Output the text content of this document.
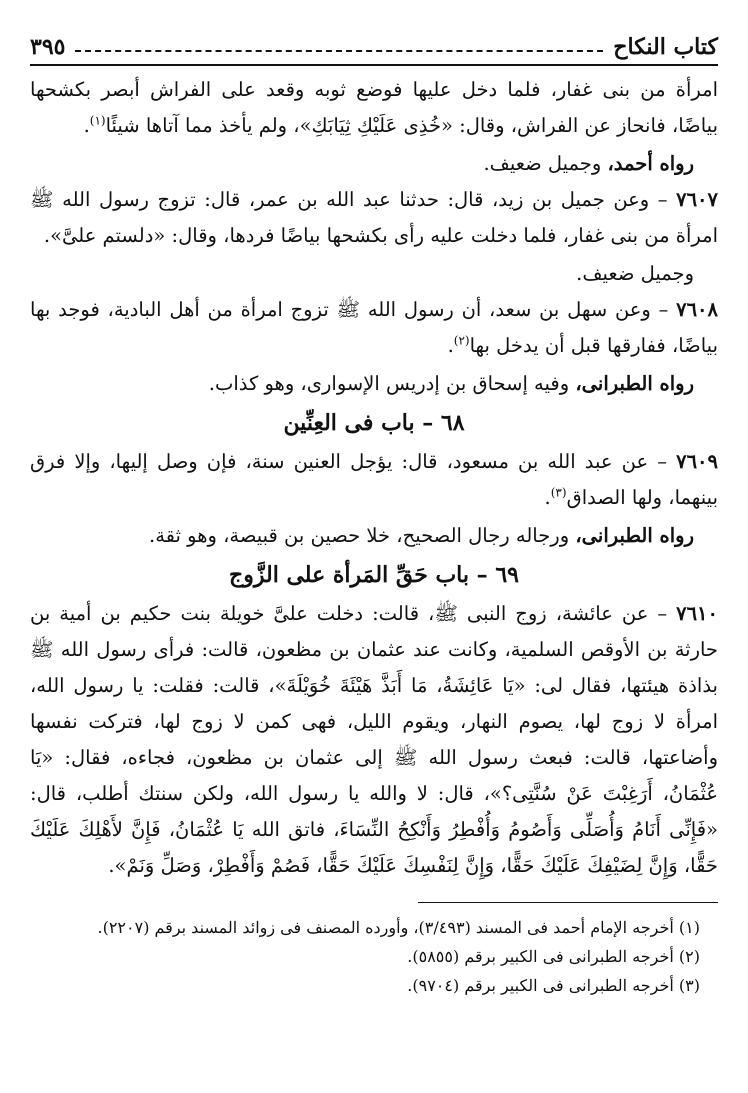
كتاب النكاح
٣٩٥

امرأة من بنى غفار، فلما دخل عليها فوضع ثوبه وقعد على الفراش أبصر بكشحها بياضًا، فانحاز عن الفراش، وقال: «خُذِى عَلَيْكِ ثِيَابَكِ»، ولم يأخذ مما آتاها شيئًا$^{(١)}$.

رواه أحمد، وجميل ضعيف.

٧٦٠٧ – وعن جميل بن زيد، قال: حدثنا عبد الله بن عمر، قال: تزوج رسول الله ﷺ امرأة من بنى غفار، فلما دخلت عليه رأى بكشحها بياضًا فردها، وقال: «دلستم علىَّ».

وجميل ضعيف.

٧٦٠٨ – وعن سهل بن سعد، أن رسول الله ﷺ تزوج امرأة من أهل البادية، فوجد بها بياضًا، ففارقها قبل أن يدخل بها$^{(٢)}$.

رواه الطبرانى، وفيه إسحاق بن إدريس الإسوارى، وهو كذاب.

٦٨ – باب فى العِنِّين

٧٦٠٩ – عن عبد الله بن مسعود، قال: يؤجل العنين سنة، فإن وصل إليها، وإلا فرق بينهما، ولها الصداق$^{(٣)}$.

رواه الطبرانى، ورجاله رجال الصحيح، خلا حصين بن قبيصة، وهو ثقة.

٦٩ – باب حَقِّ المَرأة على الزَّوج

٧٦١٠ – عن عائشة، زوج النبى ﷺ، قالت: دخلت علىَّ خويلة بنت حكيم بن أمية بن حارثة بن الأوقص السلمية، وكانت عند عثمان بن مظعون، قالت: فرأى رسول الله ﷺ بذاذة هيئتها، فقال لى: «يَا عَائِشَةُ، مَا أَبَذَّ هَيْئَةَ خُوَيْلَةَ»، قالت: فقلت: يا رسول الله، امرأة لا زوج لها، يصوم النهار، ويقوم الليل، فهى كمن لا زوج لها، فتركت نفسها وأضاعتها، قالت: فبعث رسول الله ﷺ إلى عثمان بن مظعون، فجاءه، فقال: «يَا عُثْمَانُ، أَرَغِبْتَ عَنْ سُنَّتِى؟»، قال: لا والله يا رسول الله، ولكن سنتك أطلب، قال: «فَإِنِّى أَنَامُ وَأُصَلِّى وَأَصُومُ وَأُفْطِرُ وَأَنْكِحُ النِّسَاءَ، فاتق الله يَا عُثْمَانُ، فَإِنَّ لأَهْلِكَ عَلَيْكَ حَقًّا، وَإِنَّ لِضَيْفِكَ عَلَيْكَ حَقًّا، وَإِنَّ لِنَفْسِكَ عَلَيْكَ حَقًّا، فَصُمْ وَأَفْطِرْ، وَصَلِّ وَنَمْ».

(١) أخرجه الإمام أحمد فى المسند (٣/٤٩٣)، وأورده المصنف فى زوائد المسند برقم (٢٢٠٧).
(٢) أخرجه الطبرانى فى الكبير برقم (٥٨٥٥).
(٣) أخرجه الطبرانى فى الكبير برقم (٩٧٠٤).
